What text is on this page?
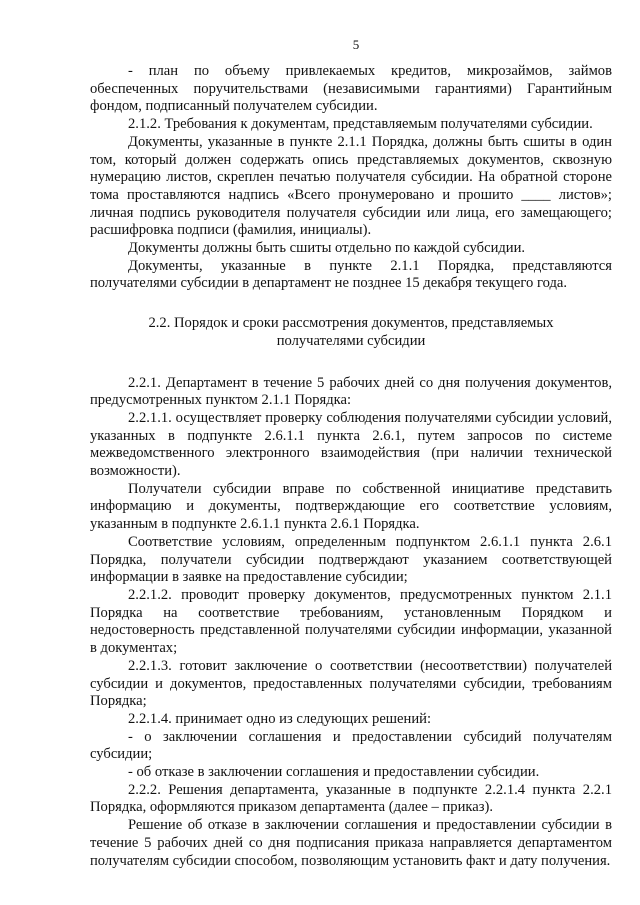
5

- план по объему привлекаемых кредитов, микрозаймов, займов обеспеченных поручительствами (независимыми гарантиями) Гарантийным фондом, подписанный получателем субсидии.

2.1.2. Требования к документам, представляемым получателями субсидии.

Документы, указанные в пункте 2.1.1 Порядка, должны быть сшиты в один том, который должен содержать опись представляемых документов, сквозную нумерацию листов, скреплен печатью получателя субсидии. На обратной стороне тома проставляются надпись «Всего пронумеровано и прошито ____ листов»; личная подпись руководителя получателя субсидии или лица, его замещающего; расшифровка подписи (фамилия, инициалы).

Документы должны быть сшиты отдельно по каждой субсидии.

Документы, указанные в пункте 2.1.1 Порядка, представляются получателями субсидии в департамент не позднее 15 декабря текущего года.

2.2. Порядок и сроки рассмотрения документов, представляемых получателями субсидии

2.2.1. Департамент в течение 5 рабочих дней со дня получения документов, предусмотренных пунктом 2.1.1 Порядка:

2.2.1.1. осуществляет проверку соблюдения получателями субсидии условий, указанных в подпункте 2.6.1.1 пункта 2.6.1, путем запросов по системе межведомственного электронного взаимодействия (при наличии технической возможности).

Получатели субсидии вправе по собственной инициативе представить информацию и документы, подтверждающие его соответствие условиям, указанным в подпункте 2.6.1.1 пункта 2.6.1 Порядка.

Соответствие условиям, определенным подпунктом 2.6.1.1 пункта 2.6.1 Порядка, получатели субсидии подтверждают указанием соответствующей информации в заявке на предоставление субсидии;

2.2.1.2. проводит проверку документов, предусмотренных пунктом 2.1.1 Порядка на соответствие требованиям, установленным Порядком и недостоверность представленной получателями субсидии информации, указанной в документах;

2.2.1.3. готовит заключение о соответствии (несоответствии) получателей субсидии и документов, предоставленных получателями субсидии, требованиям Порядка;

2.2.1.4. принимает одно из следующих решений:

- о заключении соглашения и предоставлении субсидий получателям субсидии;

- об отказе в заключении соглашения и предоставлении субсидии.

2.2.2. Решения департамента, указанные в подпункте 2.2.1.4 пункта 2.2.1 Порядка, оформляются приказом департамента (далее – приказ).

Решение об отказе в заключении соглашения и предоставлении субсидии в течение 5 рабочих дней со дня подписания приказа направляется департаментом получателям субсидии способом, позволяющим установить факт и дату получения.
